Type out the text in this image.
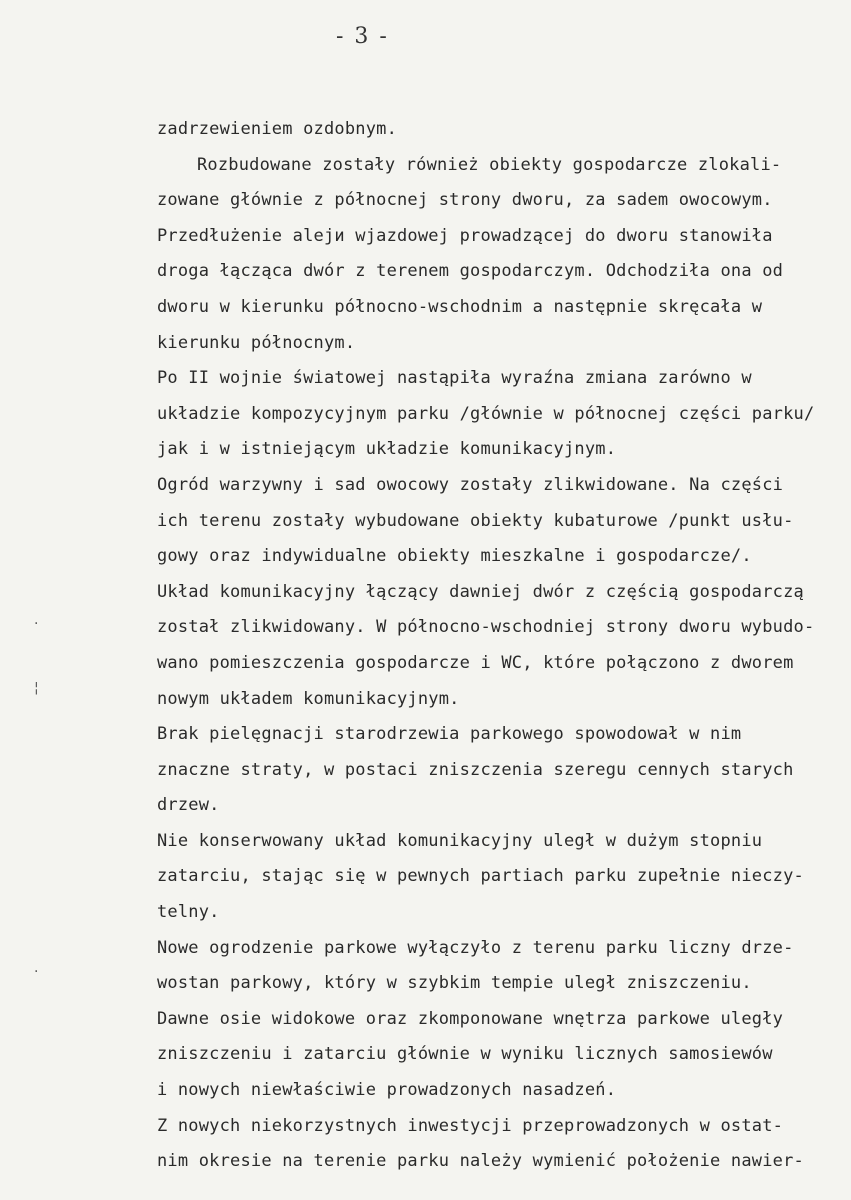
- 3 -
.
¦
.
zadrzewieniem ozdobnym.
Rozbudowane zostały również obiekty gospodarcze zlokali-
zowane głównie z północnej strony dworu, za sadem owocowym.
Przedłużenie alejи wjazdowej prowadzącej do dworu stanowiła
droga łącząca dwór z terenem gospodarczym. Odchodziła ona od
dworu w kierunku północno-wschodnim a następnie skręcała w
kierunku północnym.
Po II wojnie światowej nastąpiła wyraźna zmiana zarówno w
układzie kompozycyjnym parku /głównie w północnej części parku/
jak i w istniejącym układzie komunikacyjnym.
Ogród warzywny i sad owocowy zostały zlikwidowane. Na części
ich terenu zostały wybudowane obiekty kubaturowe /punkt usłu-
gowy oraz indywidualne obiekty mieszkalne i gospodarcze/.
Układ komunikacyjny łączący dawniej dwór z częścią gospodarczą
został zlikwidowany. W północno-wschodniej strony dworu wybudo-
wano pomieszczenia gospodarcze i WC, które połączono z dworem
nowym układem komunikacyjnym.
Brak pielęgnacji starodrzewia parkowego spowodował w nim
znaczne straty, w postaci zniszczenia szeregu cennych starych
drzew.
Nie konserwowany układ komunikacyjny uległ w dużym stopniu
zatarciu, stając się w pewnych partiach parku zupełnie nieczy-
telny.
Nowe ogrodzenie parkowe wyłączyło z terenu parku liczny drze-
wostan parkowy, który w szybkim tempie uległ zniszczeniu.
Dawne osie widokowe oraz zkomponowane wnętrza parkowe uległy
zniszczeniu i zatarciu głównie w wyniku licznych samosiewów
i nowych niewłaściwie prowadzonych nasadzeń.
Z nowych niekorzystnych inwestycji przeprowadzonych w ostat-
nim okresie na terenie parku należy wymienić położenie nawier-
